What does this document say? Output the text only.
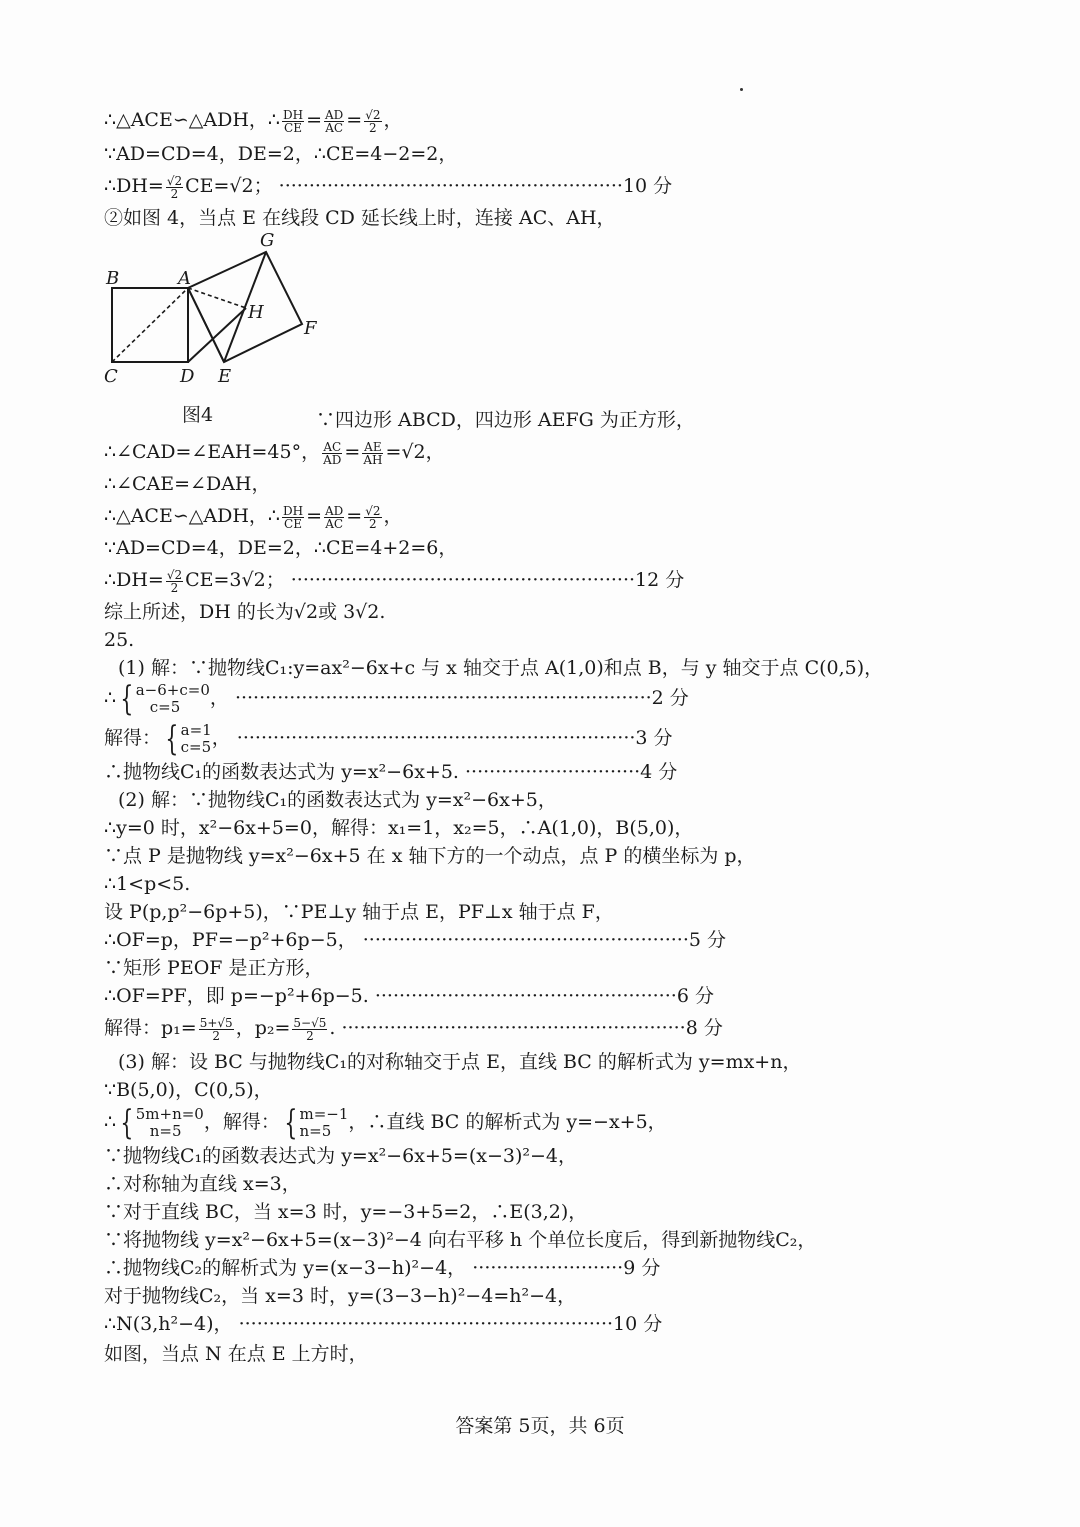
∴△ACE∽△ADH，∴ $\frac{DH}{CE} = \frac{AD}{AC} = \frac{√2}{2}$ ，
∵AD=CD=4，DE=2，∴CE=4−2=2，
∴DH= $\frac{√2}{2} CE=√2$； ·························································10 分
②如图 4，当点 E 在线段 CD 延长线上时，连接 AC、AH，
B	A
G
H
F
C	D E
图4	∵四边形 ABCD，四边形 AEFG 为正方形，
∴∠CAD=∠EAH=45°， $\frac{AC}{AD} = \frac{AE}{AH} =√2$，
∴∠CAE=∠DAH，
∴△ACE∽△ADH，∴ $\frac{DH}{CE} = \frac{AD}{AC} = \frac{√2}{2}$ ，
∵AD=CD=4，DE=2，∴CE=4+2=6，
∴DH= $\frac{√2}{2} CE=3√2$； ·························································12 分
综上所述，DH 的长为√2或 3√2.
25.
(1) 解：∵抛物线C₁:y=ax²−6x+c 与 x 轴交于点 A(1,0)和点 B，与 y 轴交于点 C(0,5)，
∴ { a−6+c=0
c=5	， ·····································································2 分
解得： { a=1
c=5 ， ··································································3 分
∴抛物线C₁的函数表达式为 y=x²−6x+5. ·····························4 分
(2) 解：∵抛物线C₁的函数表达式为 y=x²−6x+5，
∴y=0 时，x²−6x+5=0，解得：x₁=1，x₂=5，∴A(1,0)，B(5,0)，
∵点 P 是抛物线 y=x²−6x+5 在 x 轴下方的一个动点，点 P 的横坐标为 p，
∴1<p<5.
设 P(p,p²−6p+5)，∵PE⊥y 轴于点 E，PF⊥x 轴于点 F，
∴OF=p，PF=−p²+6p−5， ······················································5 分
∵矩形 PEOF 是正方形，
∴OF=PF，即 p=−p²+6p−5. ··················································6 分
解得：$p_1= \frac{5+√5}{2}$ ，$p_2= \frac{5-√5}{2}$ . ·························································8 分
(3) 解：设 BC 与抛物线C₁的对称轴交于点 E，直线 BC 的解析式为 y=mx+n，
∵B(5,0)，C(0,5)，
∴ { 5m+n=0
n=5	，解得： { m=−1
n=5 ，∴直线 BC 的解析式为 y=−x+5，
∵抛物线C₁的函数表达式为 y=x²−6x+5=(x−3)²−4，
∴对称轴为直线 x=3，
∵对于直线 BC，当 x=3 时，y=−3+5=2，∴E(3,2)，
∵将抛物线 y=x²−6x+5=(x−3)²−4 向右平移 h 个单位长度后，得到新抛物线C₂，
∴抛物线C₂的解析式为 y=(x−3−h)²−4， ·························9 分
对于抛物线C₂，当 x=3 时，y=(3−3−h)²−4=h²−4，
∴N(3,h²−4)， ······························································10 分
如图，当点 N 在点 E 上方时，
答案第 5页，共 6页
